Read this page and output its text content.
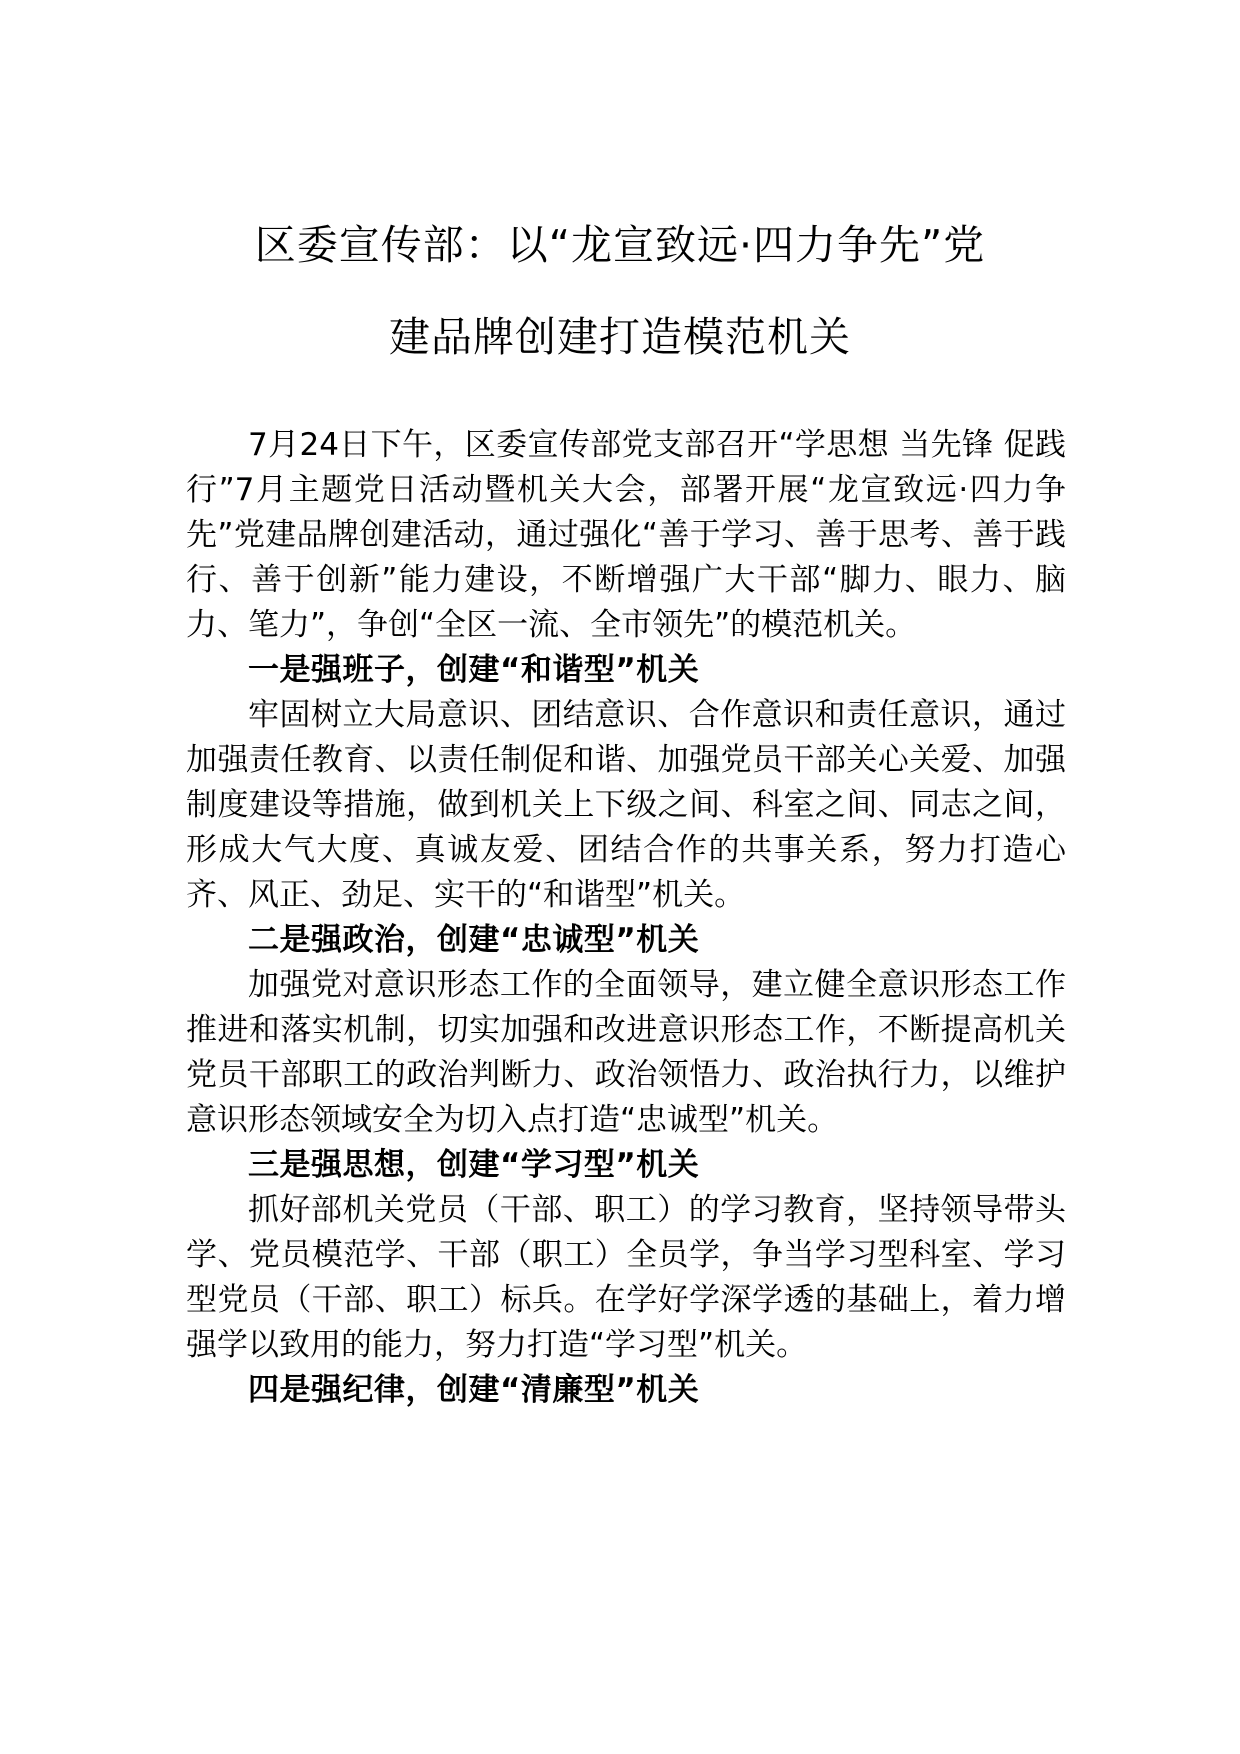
区委宣传部：以“龙宣致远·四力争先”党
建品牌创建打造模范机关

7月24日下午，区委宣传部党支部召开“学思想 当先锋 促践行”7月主题党日活动暨机关大会，部署开展“龙宣致远·四力争先”党建品牌创建活动，通过强化“善于学习、善于思考、善于践行、善于创新”能力建设，不断增强广大干部“脚力、眼力、脑力、笔力”，争创“全区一流、全市领先”的模范机关。

一是强班子，创建“和谐型”机关

牢固树立大局意识、团结意识、合作意识和责任意识，通过加强责任教育、以责任制促和谐、加强党员干部关心关爱、加强制度建设等措施，做到机关上下级之间、科室之间、同志之间，形成大气大度、真诚友爱、团结合作的共事关系，努力打造心齐、风正、劲足、实干的“和谐型”机关。

二是强政治，创建“忠诚型”机关

加强党对意识形态工作的全面领导，建立健全意识形态工作推进和落实机制，切实加强和改进意识形态工作，不断提高机关党员干部职工的政治判断力、政治领悟力、政治执行力，以维护意识形态领域安全为切入点打造“忠诚型”机关。

三是强思想，创建“学习型”机关

抓好部机关党员（干部、职工）的学习教育，坚持领导带头学、党员模范学、干部（职工）全员学，争当学习型科室、学习型党员（干部、职工）标兵。在学好学深学透的基础上，着力增强学以致用的能力，努力打造“学习型”机关。

四是强纪律，创建“清廉型”机关
